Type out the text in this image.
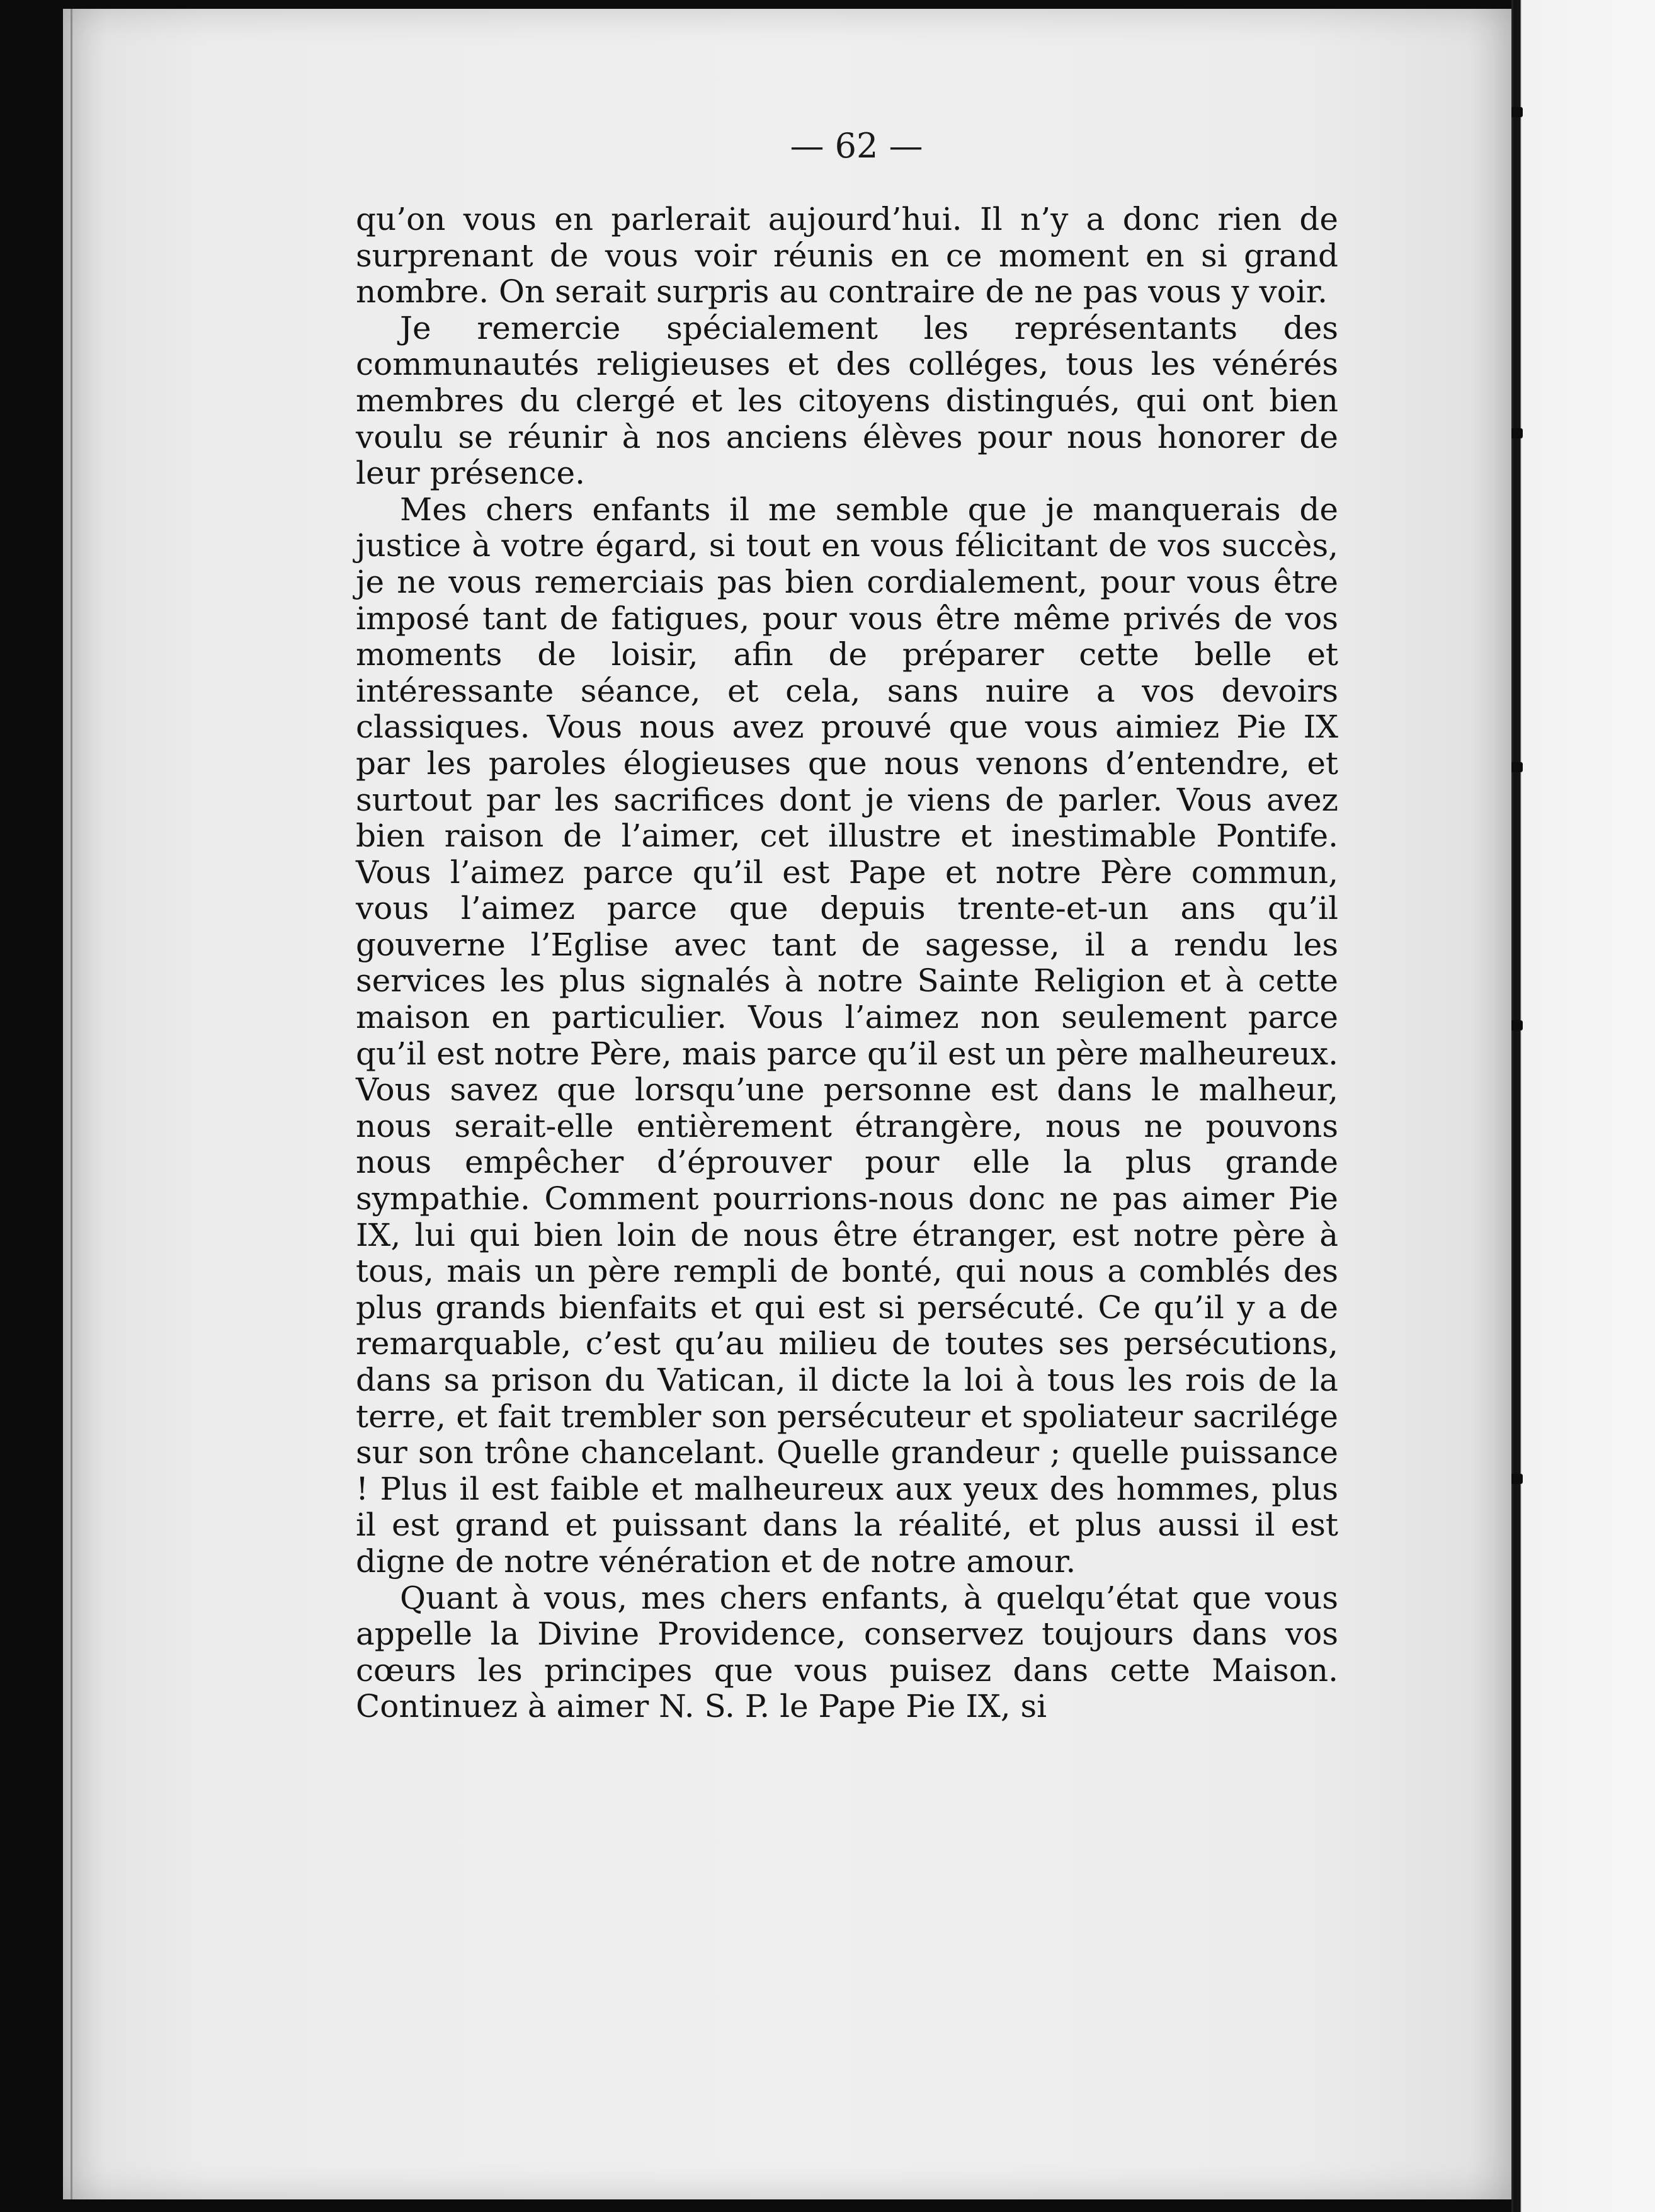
— 62 —

qu’on vous en parlerait aujourd’hui. Il n’y a donc rien de surprenant de vous voir réunis en ce moment en si grand nombre. On serait surpris au contraire de ne pas vous y voir.

Je remercie spécialement les représentants des communautés religieuses et des colléges, tous les vénérés membres du clergé et les citoyens distingués, qui ont bien voulu se réunir à nos anciens élèves pour nous honorer de leur présence.

Mes chers enfants il me semble que je manquerais de justice à votre égard, si tout en vous félicitant de vos succès, je ne vous remerciais pas bien cordialement, pour vous être imposé tant de fatigues, pour vous être même privés de vos moments de loisir, afin de préparer cette belle et intéressante séance, et cela, sans nuire a vos devoirs classiques. Vous nous avez prouvé que vous aimiez Pie IX par les paroles élogieuses que nous venons d’entendre, et surtout par les sacrifices dont je viens de parler. Vous avez bien raison de l’aimer, cet illustre et inestimable Pontife. Vous l’aimez parce qu’il est Pape et notre Père commun, vous l’aimez parce que depuis trente-et-un ans qu’il gouverne l’Eglise avec tant de sagesse, il a rendu les services les plus signalés à notre Sainte Religion et à cette maison en particulier. Vous l’aimez non seulement parce qu’il est notre Père, mais parce qu’il est un père malheureux. Vous savez que lorsqu’une personne est dans le malheur, nous serait-elle entièrement étrangère, nous ne pouvons nous empêcher d’éprouver pour elle la plus grande sympathie. Comment pourrions-nous donc ne pas aimer Pie IX, lui qui bien loin de nous être étranger, est notre père à tous, mais un père rempli de bonté, qui nous a comblés des plus grands bienfaits et qui est si persécuté. Ce qu’il y a de remarquable, c’est qu’au milieu de toutes ses persécutions, dans sa prison du Vatican, il dicte la loi à tous les rois de la terre, et fait trembler son persécuteur et spoliateur sacrilége sur son trône chancelant. Quelle grandeur ; quelle puissance ! Plus il est faible et malheureux aux yeux des hommes, plus il est grand et puissant dans la réalité, et plus aussi il est digne de notre vénération et de notre amour.

Quant à vous, mes chers enfants, à quelqu’état que vous appelle la Divine Providence, conservez toujours dans vos cœurs les principes que vous puisez dans cette Maison. Continuez à aimer N. S. P. le Pape Pie IX, si
